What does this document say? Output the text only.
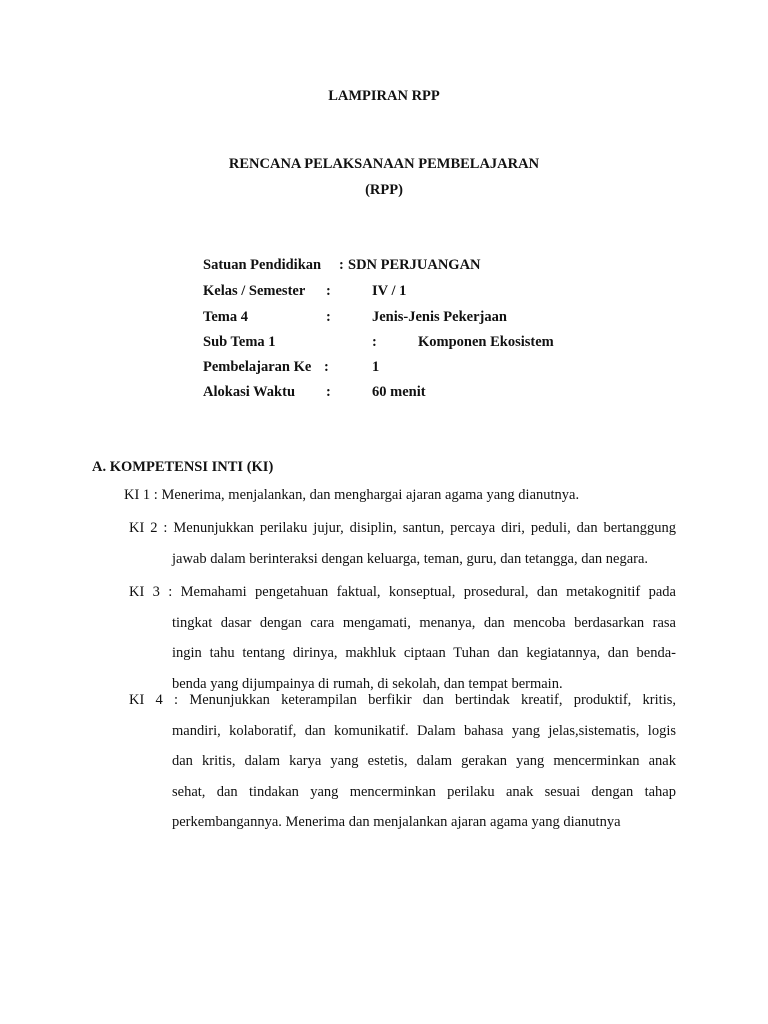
LAMPIRAN RPP
RENCANA PELAKSANAAN PEMBELAJARAN
(RPP)
Satuan Pendidikan : SDN PERJUANGAN
Kelas / Semester :	IV / 1
Tema 4	:	Jenis-Jenis Pekerjaan
Sub Tema 1	:	Komponen Ekosistem
Pembelajaran Ke :	1
Alokasi Waktu :	60 menit
A. KOMPETENSI INTI (KI)
KI 1 : Menerima, menjalankan, dan menghargai ajaran agama yang dianutnya.
KI 2 : Menunjukkan perilaku jujur, disiplin, santun, percaya diri, peduli, dan bertanggung
jawab dalam berinteraksi dengan keluarga, teman, guru, dan tetangga, dan negara.
KI 3 : Memahami pengetahuan faktual, konseptual, prosedural, dan metakognitif pada
tingkat dasar dengan cara mengamati, menanya, dan mencoba berdasarkan rasa
ingin tahu tentang dirinya, makhluk ciptaan Tuhan dan kegiatannya, dan benda-
benda yang dijumpainya di rumah, di sekolah, dan tempat bermain.
KI 4 : Menunjukkan keterampilan berfikir dan bertindak kreatif, produktif, kritis,
mandiri, kolaboratif, dan komunikatif. Dalam bahasa yang jelas,sistematis, logis
dan kritis, dalam karya yang estetis, dalam gerakan yang mencerminkan anak
sehat, dan tindakan yang mencerminkan perilaku anak sesuai dengan tahap
perkembangannya. Menerima dan menjalankan ajaran agama yang dianutnya
